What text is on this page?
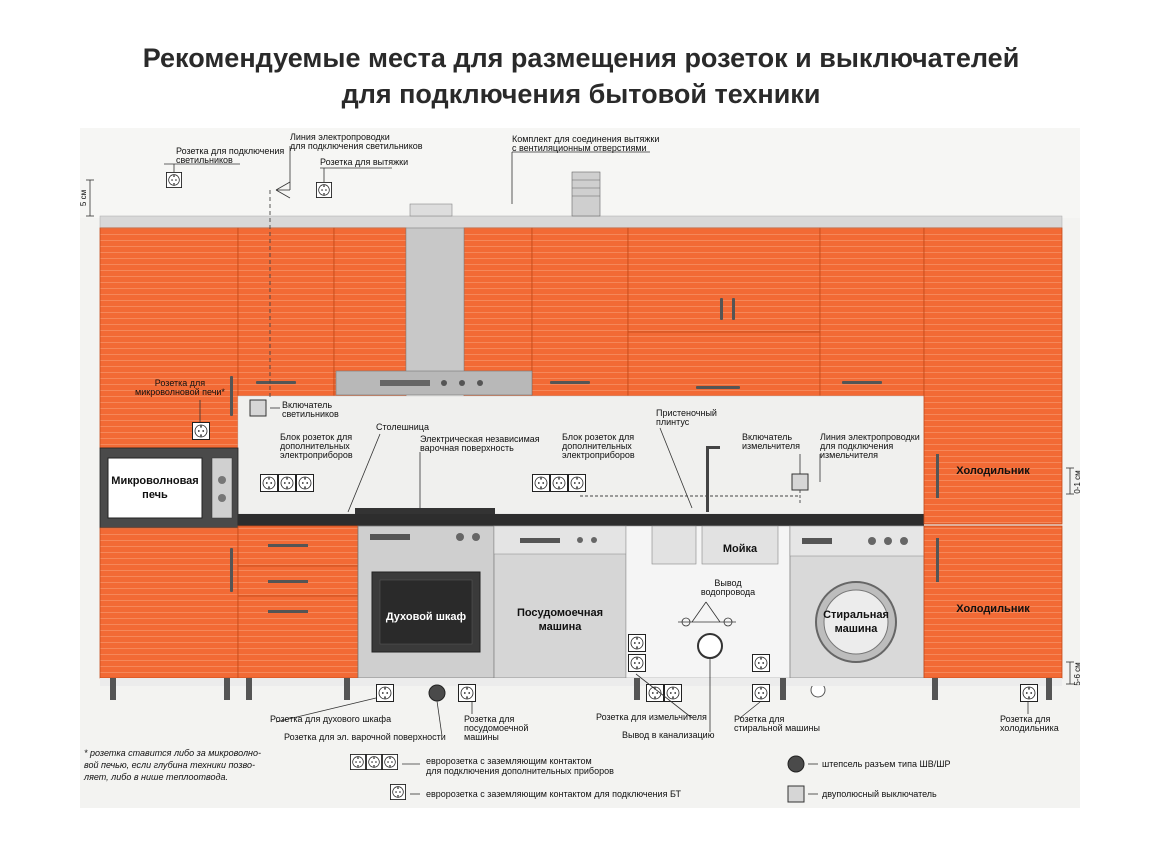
Рекомендуемые места для размещения розеток и выключателей
для подключения бытовой техники
5 см
0-1 см
5-6 см
Микроволновая
печь
Духовой шкаф	Посудомоечная
машина
Мойка
Стиральная
машина
Холодильник
Холодильник
Розетка для подключения
светильников
Линия электропроводки
для подключения светильников
Розетка для вытяжки
Комплект для соединения вытяжки
с вентиляционным отверстиями
Розетка для
микроволновой печи*
Включатель
светильников
Блок розеток для
дополнительных
электроприборов
Столешница
Электрическая независимая
варочная поверхность
Блок розеток для
дополнительных
электроприборов
Пристеночный
плинтус
Включатель
измельчителя
Линия электропроводки
для подключения
измельчителя
Вывод
водопровода
Розетка для духового шкафа
Розетка для эл. варочной поверхности
Розетка для
посудомоечной
машины
Розетка для измельчителя
Вывод в канализацию
Розетка для
стиральной машины
Розетка для
холодильника
* розетка ставится либо за микроволно-
вой печью, если глубина техники позво-
ляет, либо в нише теплоотвода.
евророзетка с заземляющим контактом
для подключения дополнительных приборов
евророзетка с заземляющим контактом для подключения БТ
штепсель разъем типа ШВ/ШР
двуполюсный выключатель
